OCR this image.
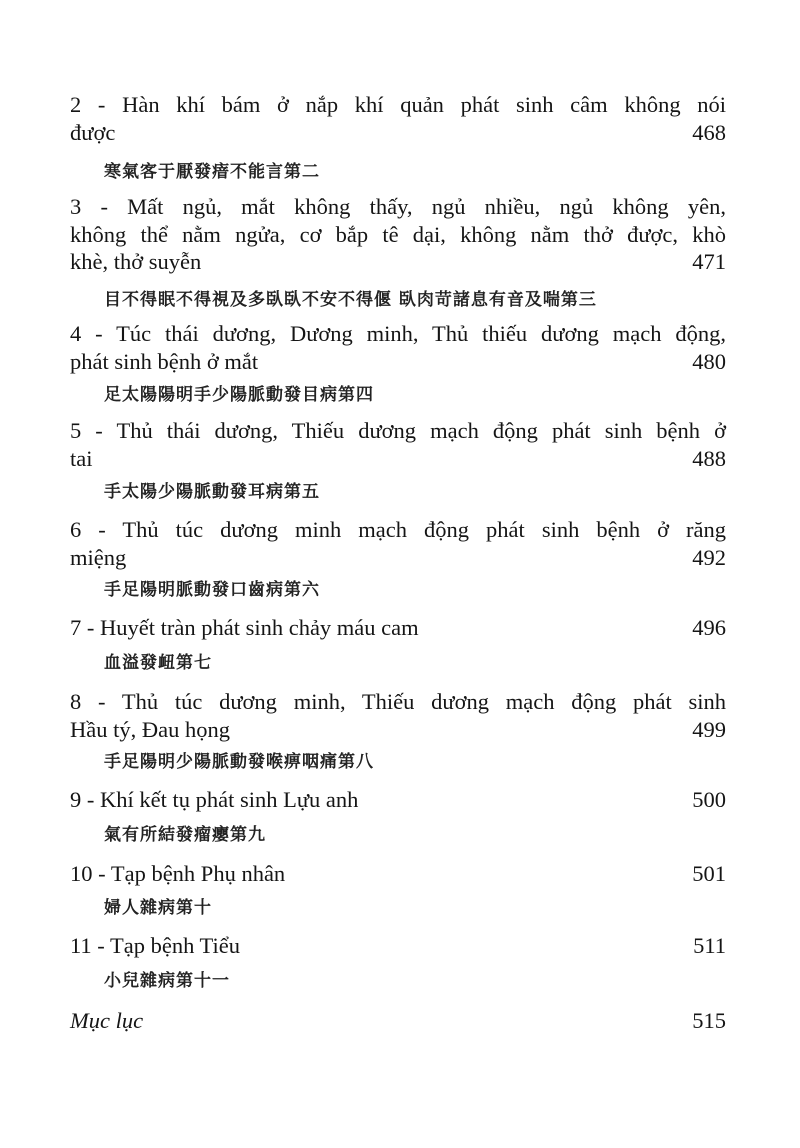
2 - Hàn khí bám ở nắp khí quản phát sinh câm không nói
được	468
寒氣客于厭發瘖不能言第二
3 - Mất ngủ, mắt không thấy, ngủ nhiều, ngủ không yên,
không thể nằm ngửa, cơ bắp tê dại, không nằm thở được, khò
khè, thở suyễn	471
目不得眠不得視及多臥臥不安不得偃 臥肉苛諸息有音及喘第三
4 - Túc thái dương, Dương minh, Thủ thiếu dương mạch động,
phát sinh bệnh ở mắt	480
足太陽陽明手少陽脈動發目病第四
5 - Thủ thái dương, Thiếu dương mạch động phát sinh bệnh ở
tai	488
手太陽少陽脈動發耳病第五
6 - Thủ túc dương minh mạch động phát sinh bệnh ở răng
miệng	492
手足陽明脈動發口齒病第六
7 - Huyết tràn phát sinh chảy máu cam	496
血溢發衄第七
8 - Thủ túc dương minh, Thiếu dương mạch động phát sinh
Hầu tý, Đau họng	499
手足陽明少陽脈動發喉痹咽痛第八
9 - Khí kết tụ phát sinh Lựu anh	500
氣有所結發瘤癭第九
10 - Tạp bệnh Phụ nhân	501
婦人雜病第十
11 - Tạp bệnh Tiểu	511
小兒雜病第十一
Mục lục	515
